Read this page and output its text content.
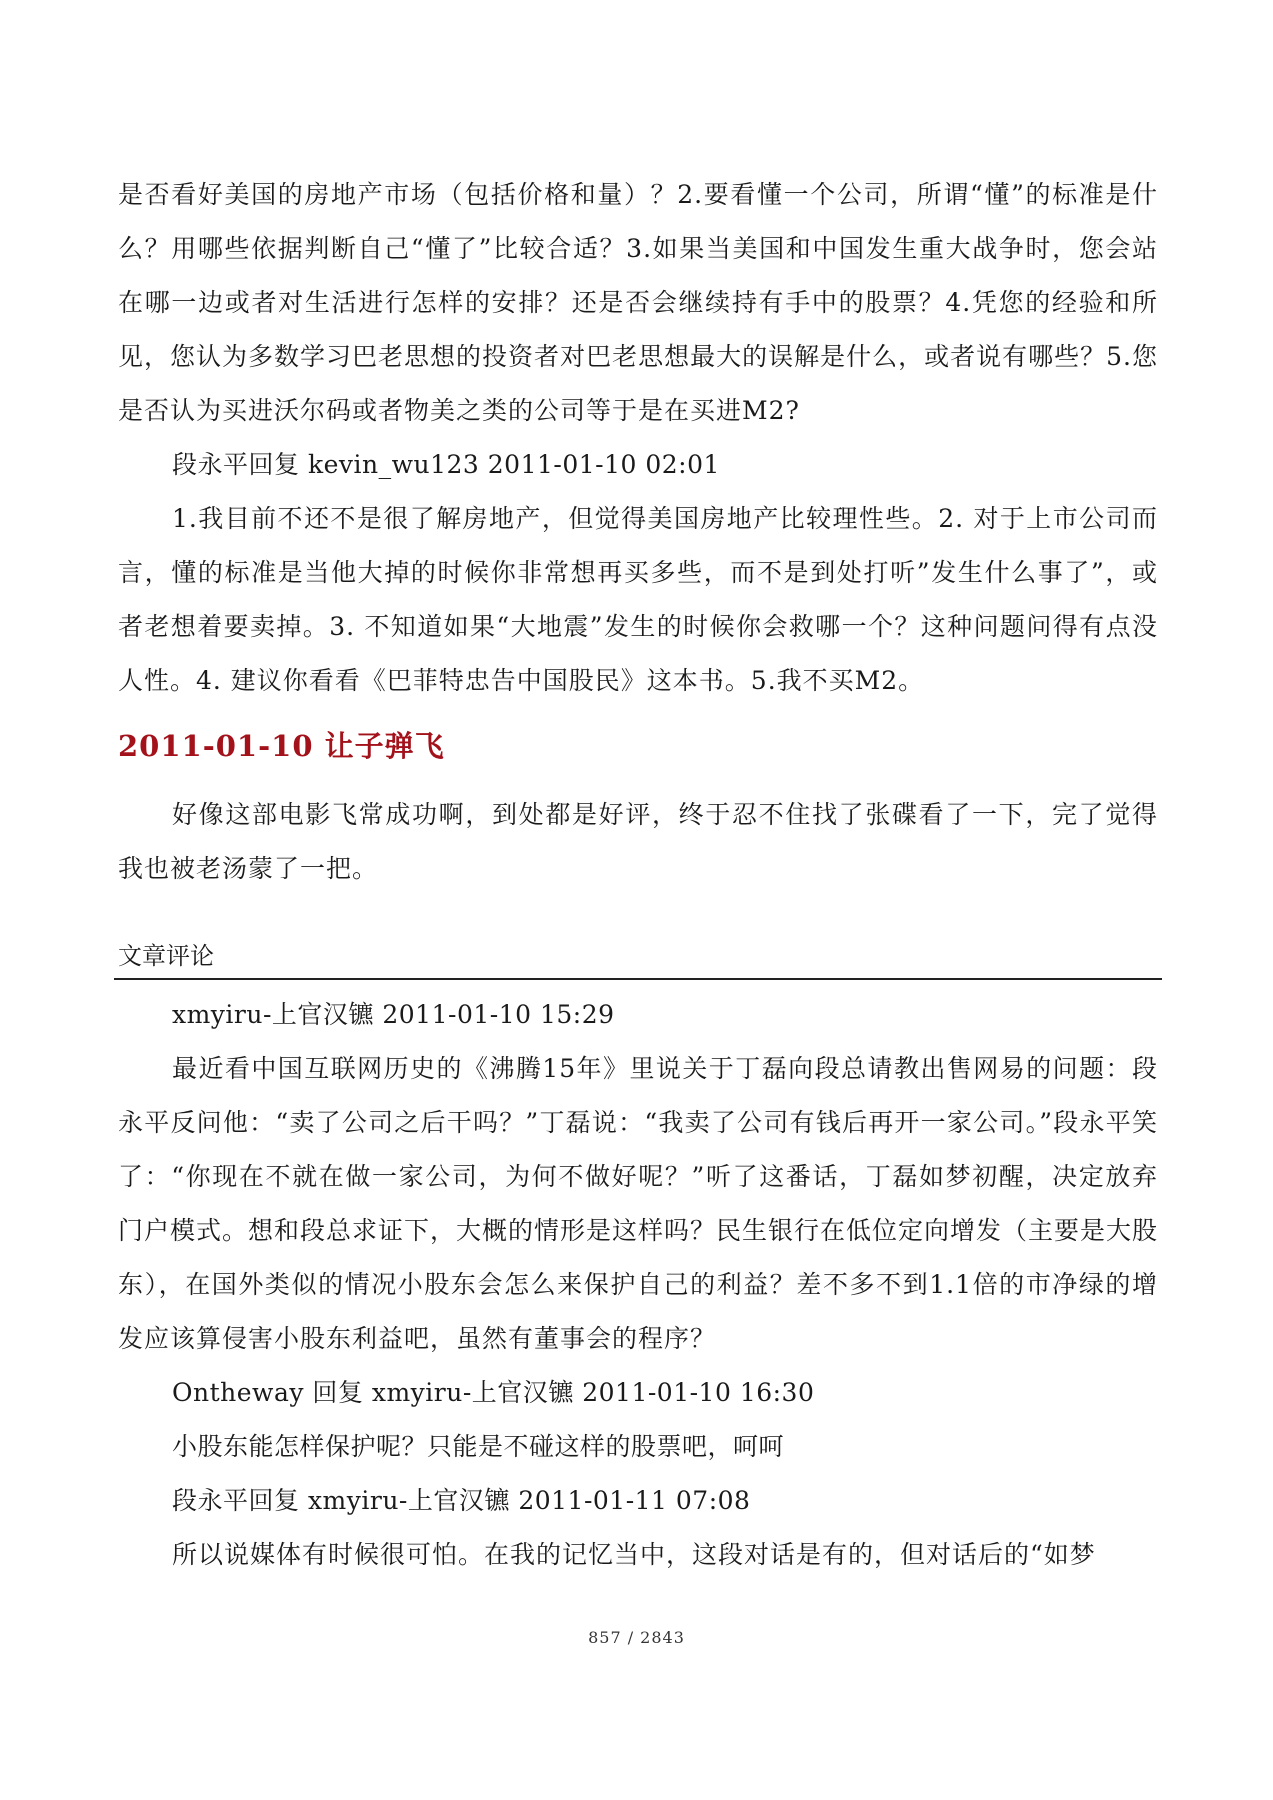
是否看好美国的房地产市场（包括价格和量）？2.要看懂一个公司，所谓“懂”的标准是什么？用哪些依据判断自己“懂了”比较合适？3.如果当美国和中国发生重大战争时，您会站在哪一边或者对生活进行怎样的安排？还是否会继续持有手中的股票？4.凭您的经验和所见，您认为多数学习巴老思想的投资者对巴老思想最大的误解是什么，或者说有哪些？5.您是否认为买进沃尔码或者物美之类的公司等于是在买进M2?

段永平回复 kevin_wu123 2011-01-10 02:01

1.我目前不还不是很了解房地产，但觉得美国房地产比较理性些。2. 对于上市公司而言，懂的标准是当他大掉的时候你非常想再买多些，而不是到处打听”发生什么事了”，或者老想着要卖掉。3. 不知道如果“大地震”发生的时候你会救哪一个？这种问题问得有点没人性。4. 建议你看看《巴菲特忠告中国股民》这本书。5.我不买M2。

2011-01-10 让子弹飞

好像这部电影飞常成功啊，到处都是好评，终于忍不住找了张碟看了一下，完了觉得我也被老汤蒙了一把。

文章评论

xmyiru-上官汉镳 2011-01-10 15:29

最近看中国互联网历史的《沸腾15年》里说关于丁磊向段总请教出售网易的问题：段永平反问他：“卖了公司之后干吗？”丁磊说：“我卖了公司有钱后再开一家公司。”段永平笑了：“你现在不就在做一家公司，为何不做好呢？”听了这番话，丁磊如梦初醒，决定放弃门户模式。想和段总求证下，大概的情形是这样吗？民生银行在低位定向增发（主要是大股东），在国外类似的情况小股东会怎么来保护自己的利益？差不多不到1.1倍的市净绿的增发应该算侵害小股东利益吧，虽然有董事会的程序？

Ontheway 回复 xmyiru-上官汉镳 2011-01-10 16:30

小股东能怎样保护呢？只能是不碰这样的股票吧，呵呵

段永平回复 xmyiru-上官汉镳 2011-01-11 07:08

所以说媒体有时候很可怕。在我的记忆当中，这段对话是有的，但对话后的“如梦

857 / 2843
